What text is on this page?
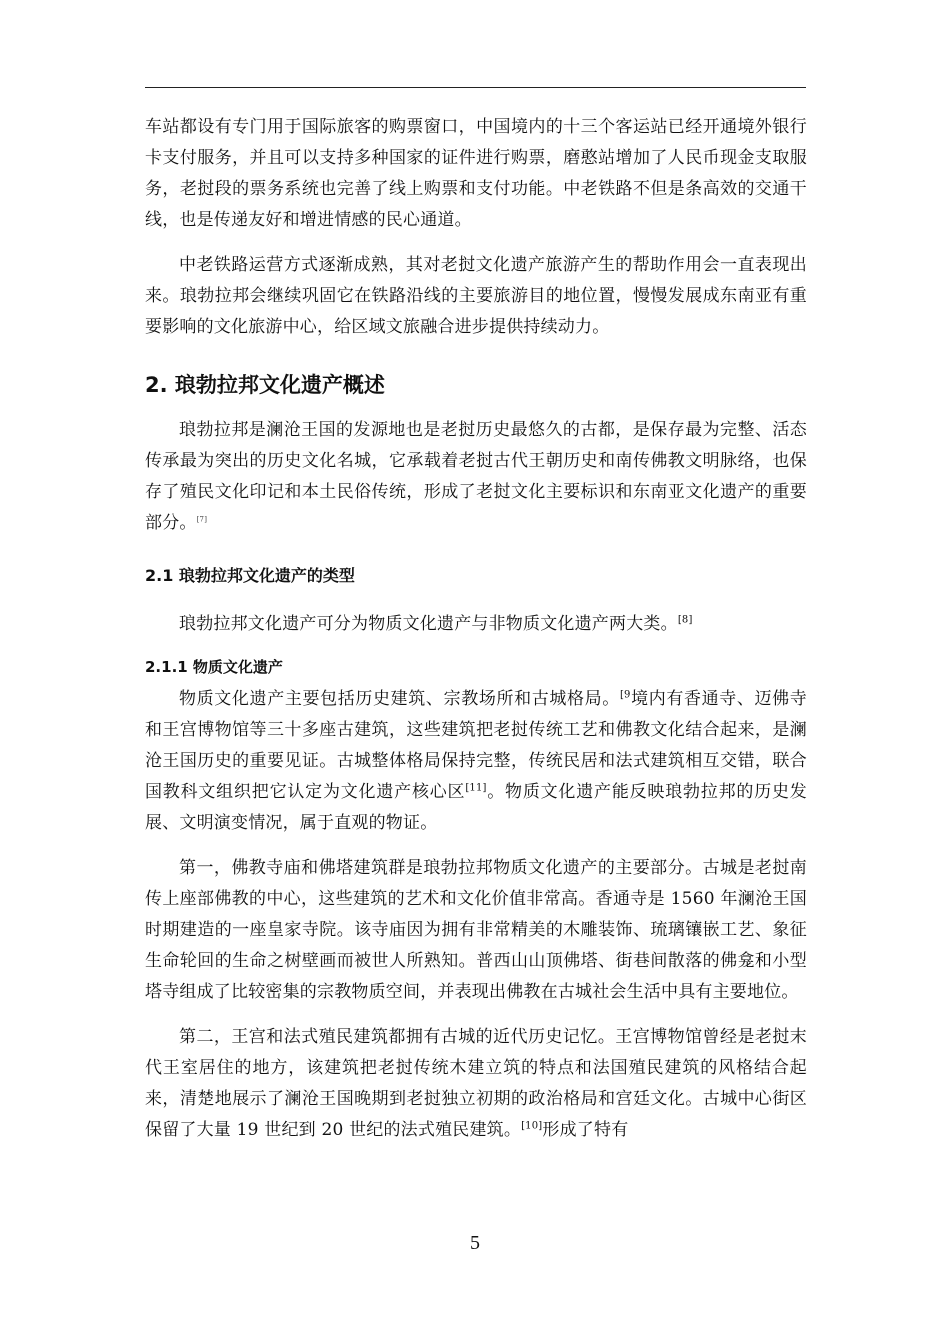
车站都设有专门用于国际旅客的购票窗口，中国境内的十三个客运站已经开通境外银行卡支付服务，并且可以支持多种国家的证件进行购票，磨憨站增加了人民币现金支取服务，老挝段的票务系统也完善了线上购票和支付功能。中老铁路不但是条高效的交通干线，也是传递友好和增进情感的民心通道。

中老铁路运营方式逐渐成熟，其对老挝文化遗产旅游产生的帮助作用会一直表现出来。琅勃拉邦会继续巩固它在铁路沿线的主要旅游目的地位置，慢慢发展成东南亚有重要影响的文化旅游中心，给区域文旅融合进步提供持续动力。

2. 琅勃拉邦文化遗产概述

琅勃拉邦是澜沧王国的发源地也是老挝历史最悠久的古都，是保存最为完整、活态传承最为突出的历史文化名城，它承载着老挝古代王朝历史和南传佛教文明脉络，也保存了殖民文化印记和本土民俗传统，形成了老挝文化主要标识和东南亚文化遗产的重要部分。[7]

2.1 琅勃拉邦文化遗产的类型

琅勃拉邦文化遗产可分为物质文化遗产与非物质文化遗产两大类。[8]

2.1.1 物质文化遗产

物质文化遗产主要包括历史建筑、宗教场所和古城格局。$^{[9}$境内有香通寺、迈佛寺和王宫博物馆等三十多座古建筑，这些建筑把老挝传统工艺和佛教文化结合起来，是澜沧王国历史的重要见证。古城整体格局保持完整，传统民居和法式建筑相互交错，联合国教科文组织把它认定为文化遗产核心区[11]。物质文化遗产能反映琅勃拉邦的历史发展、文明演变情况，属于直观的物证。

第一，佛教寺庙和佛塔建筑群是琅勃拉邦物质文化遗产的主要部分。古城是老挝南传上座部佛教的中心，这些建筑的艺术和文化价值非常高。香通寺是 1560 年澜沧王国时期建造的一座皇家寺院。该寺庙因为拥有非常精美的木雕装饰、琉璃镶嵌工艺、象征生命轮回的生命之树壁画而被世人所熟知。普西山山顶佛塔、街巷间散落的佛龛和小型塔寺组成了比较密集的宗教物质空间，并表现出佛教在古城社会生活中具有主要地位。

第二，王宫和法式殖民建筑都拥有古城的近代历史记忆。王宫博物馆曾经是老挝末代王室居住的地方，该建筑把老挝传统木建立筑的特点和法国殖民建筑的风格结合起来，清楚地展示了澜沧王国晚期到老挝独立初期的政治格局和宫廷文化。古城中心街区保留了大量 19 世纪到 20 世纪的法式殖民建筑。[10]形成了特有

5
